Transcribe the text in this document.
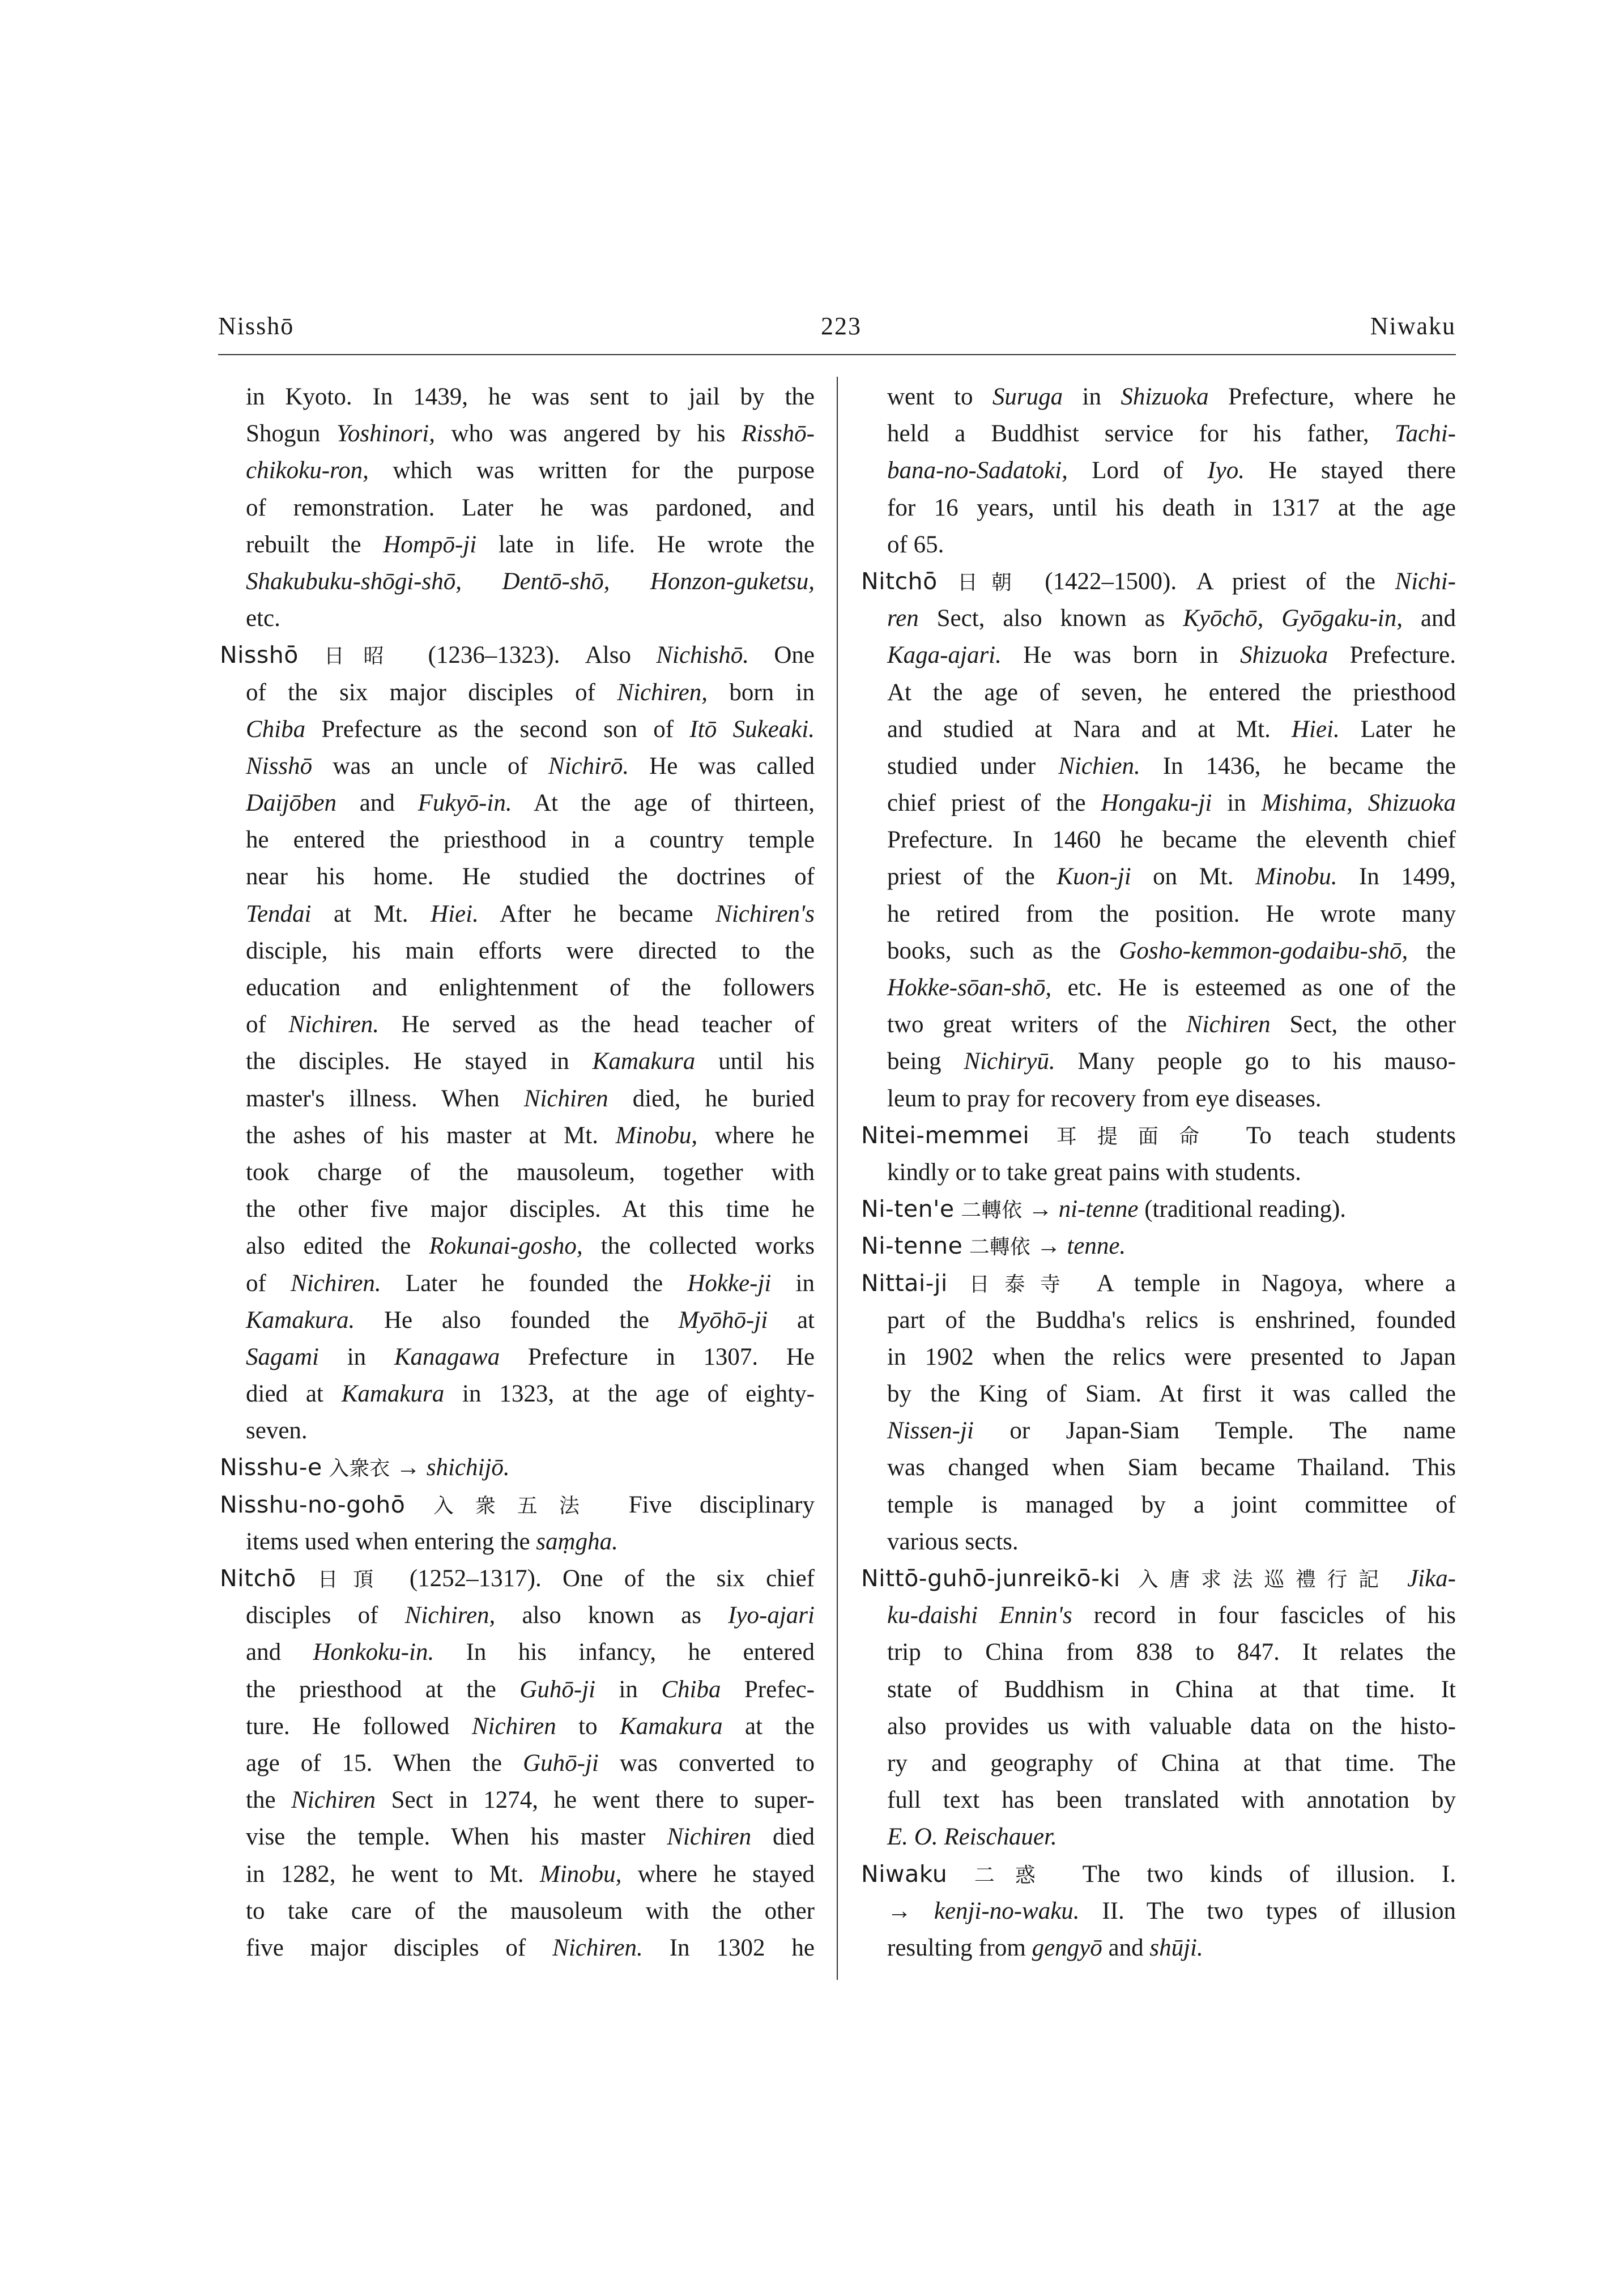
Nisshō	223	Niwaku
in Kyoto. In 1439, he was sent to jail by the
Shogun Yoshinori, who was angered by his Risshō-
chikoku-ron, which was written for the purpose
of remonstration. Later he was pardoned, and
rebuilt the Hompō-ji late in life. He wrote the
Shakubuku-shōgi-shō, Dentō-shō, Honzon-guketsu,
etc.
Nisshō 日昭 (1236–1323). Also Nichishō. One
of the six major disciples of Nichiren, born in
Chiba Prefecture as the second son of Itō Sukeaki.
Nisshō was an uncle of Nichirō. He was called
Daijōben and Fukyō-in. At the age of thirteen,
he entered the priesthood in a country temple
near his home. He studied the doctrines of
Tendai at Mt. Hiei. After he became Nichiren's
disciple, his main efforts were directed to the
education and enlightenment of the followers
of Nichiren. He served as the head teacher of
the disciples. He stayed in Kamakura until his
master's illness. When Nichiren died, he buried
the ashes of his master at Mt. Minobu, where he
took charge of the mausoleum, together with
the other five major disciples. At this time he
also edited the Rokunai-gosho, the collected works
of Nichiren. Later he founded the Hokke-ji in
Kamakura. He also founded the Myōhō-ji at
Sagami in Kanagawa Prefecture in 1307. He
died at Kamakura in 1323, at the age of eighty-
seven.
Nisshu-e 入衆衣 → shichijō.
Nisshu-no-gohō 入衆五法 Five disciplinary
items used when entering the saṃgha.
Nitchō 日頂 (1252–1317). One of the six chief
disciples of Nichiren, also known as Iyo-ajari
and Honkoku-in. In his infancy, he entered
the priesthood at the Guhō-ji in Chiba Prefec-
ture. He followed Nichiren to Kamakura at the
age of 15. When the Guhō-ji was converted to
the Nichiren Sect in 1274, he went there to super-
vise the temple. When his master Nichiren died
in 1282, he went to Mt. Minobu, where he stayed
to take care of the mausoleum with the other
five major disciples of Nichiren. In 1302 he
went to Suruga in Shizuoka Prefecture, where he
held a Buddhist service for his father, Tachi-
bana-no-Sadatoki, Lord of Iyo. He stayed there
for 16 years, until his death in 1317 at the age
of 65.
Nitchō 日朝 (1422–1500). A priest of the Nichi-
ren Sect, also known as Kyōchō, Gyōgaku-in, and
Kaga-ajari. He was born in Shizuoka Prefecture.
At the age of seven, he entered the priesthood
and studied at Nara and at Mt. Hiei. Later he
studied under Nichien. In 1436, he became the
chief priest of the Hongaku-ji in Mishima, Shizuoka
Prefecture. In 1460 he became the eleventh chief
priest of the Kuon-ji on Mt. Minobu. In 1499,
he retired from the position. He wrote many
books, such as the Gosho-kemmon-godaibu-shō, the
Hokke-sōan-shō, etc. He is esteemed as one of the
two great writers of the Nichiren Sect, the other
being Nichiryū. Many people go to his mauso-
leum to pray for recovery from eye diseases.
Nitei-memmei 耳提面命 To teach students
kindly or to take great pains with students.
Ni-ten'e 二轉依 → ni-tenne (traditional reading).
Ni-tenne 二轉依 → tenne.
Nittai-ji 日泰寺 A temple in Nagoya, where a
part of the Buddha's relics is enshrined, founded
in 1902 when the relics were presented to Japan
by the King of Siam. At first it was called the
Nissen-ji or Japan-Siam Temple. The name
was changed when Siam became Thailand. This
temple is managed by a joint committee of
various sects.
Nittō-guhō-junreikō-ki 入唐求法巡禮行記 Jika-
ku-daishi Ennin's record in four fascicles of his
trip to China from 838 to 847. It relates the
state of Buddhism in China at that time. It
also provides us with valuable data on the histo-
ry and geography of China at that time. The
full text has been translated with annotation by
E. O. Reischauer.
Niwaku 二惑 The two kinds of illusion. I.
→ kenji-no-waku. II. The two types of illusion
resulting from gengyō and shūji.
